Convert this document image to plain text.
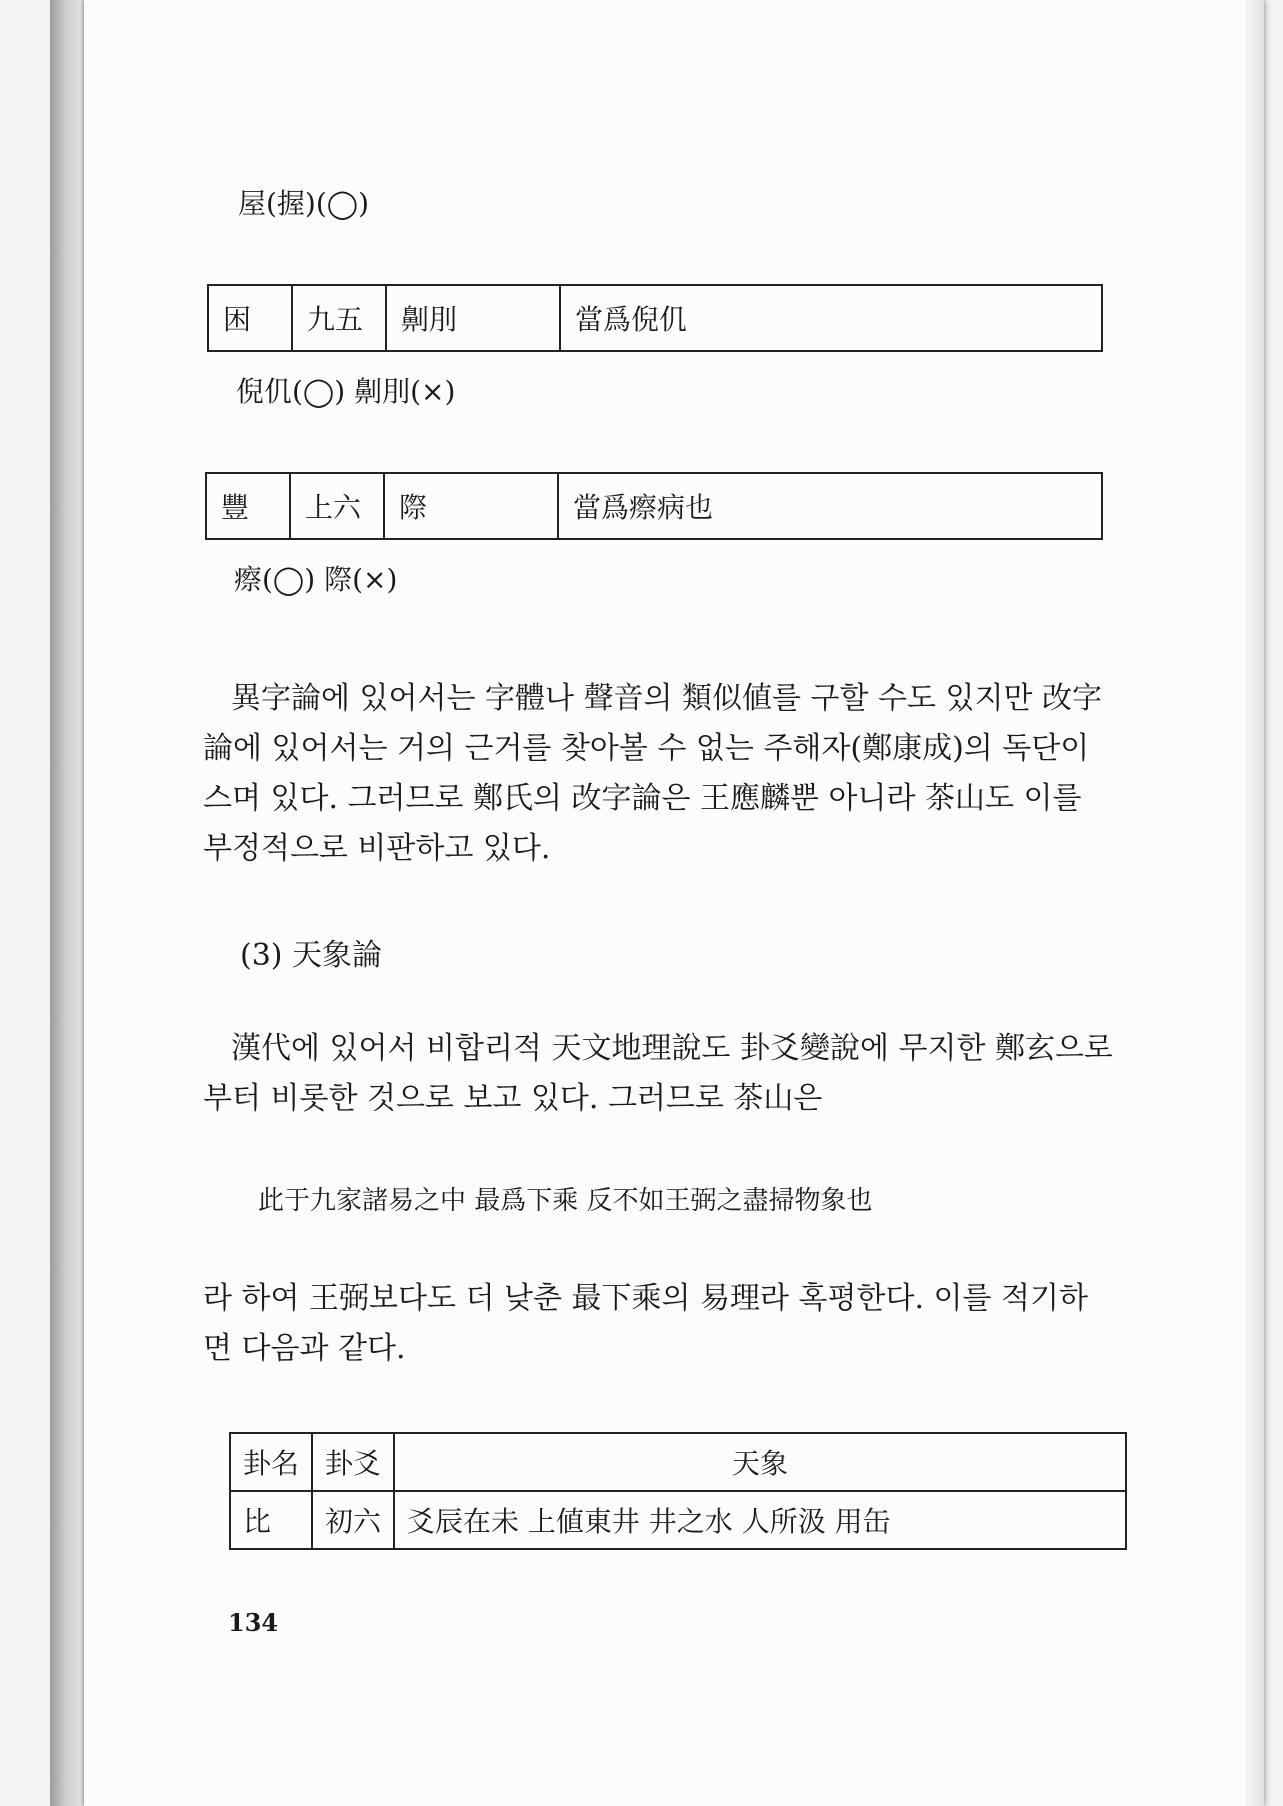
屋(握)(◯)
困	九五	劓刖	當爲倪仉
倪仉(◯) 劓刖(×)
豐	上六	際	當爲瘵病也
瘵(◯) 際(×)

異字論에 있어서는 字體나 聲音의 類似値를 구할 수도 있지만 改字

論에 있어서는 거의 근거를 찾아볼 수 없는 주해자(鄭康成)의 독단이

스며 있다. 그러므로 鄭氏의 改字論은 王應麟뿐 아니라 茶山도 이를

부정적으로 비판하고 있다.

(3) 天象論

漢代에 있어서 비합리적 天文地理說도 卦爻變說에 무지한 鄭玄으로

부터 비롯한 것으로 보고 있다. 그러므로 茶山은

此于九家諸易之中 最爲下乘 反不如王弼之盡掃物象也

라 하여 王弼보다도 더 낮춘 最下乘의 易理라 혹평한다. 이를 적기하

면 다음과 같다.

卦名	卦爻	天象
比	初六	爻辰在未 上値東井 井之水 人所汲 用缶
134
